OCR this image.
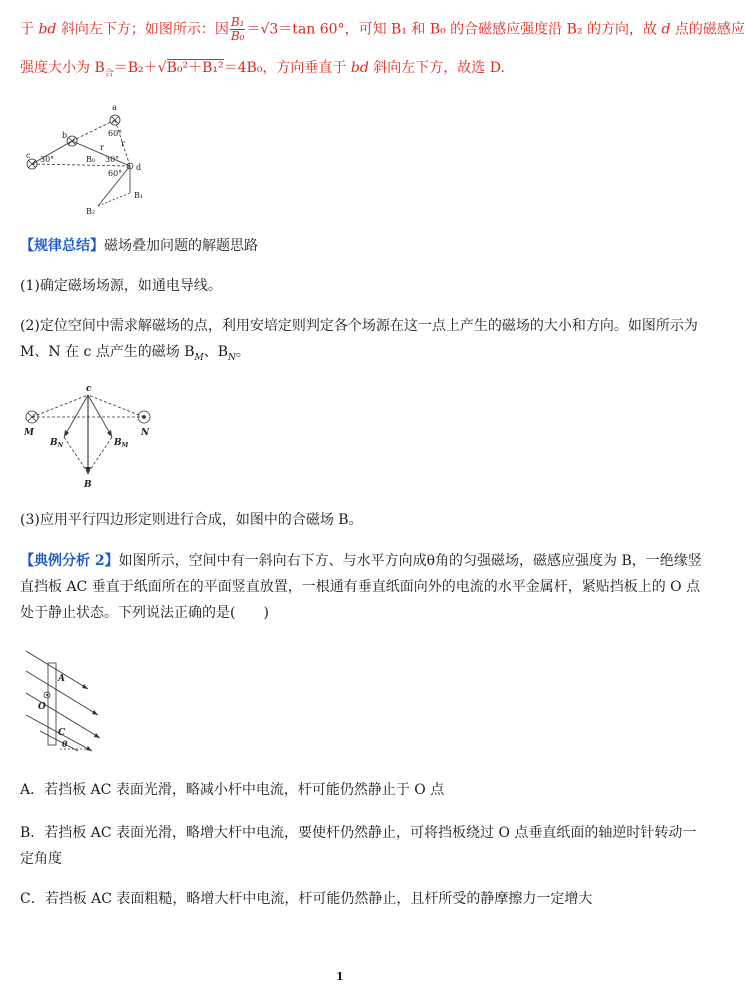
于 bd 斜向左下方；如图所示：因 $\frac{\text{B₁}}{\text{B₀}} =√3=\tan$ 60°，可知 B₁ 和 B₀ 的合磁感应强度沿 B₂ 的方向，故 d 点的磁感应
强度大小为 $B_合=B_2+√B_0^2+B_1^2=4B_0$，方向垂直于 bd 斜向左下方，故选 D.
a
b
c
d
r
r
60°
30°	30°
60°
B₀
B₁
B₂
【规律总结】磁场叠加问题的解题思路
(1)确定磁场场源，如通电导线。
(2)定位空间中需求解磁场的点，利用安培定则判定各个场源在这一点上产生的磁场的大小和方向。如图所示为
M、N 在 c 点产生的磁场 $B_M$、$B_N$。
c
M	N
$B_N$	$B_M$
B
(3)应用平行四边形定则进行合成，如图中的合磁场 B。
【典例分析 2】如图所示，空间中有一斜向右下方、与水平方向成θ角的匀强磁场，磁感应强度为 B，一绝缘竖
直挡板 AC 垂直于纸面所在的平面竖直放置，一根通有垂直纸面向外的电流的水平金属杆，紧贴挡板上的 O 点
处于静止状态。下列说法正确的是(　　)
A
O
C
θ
A．若挡板 AC 表面光滑，略减小杆中电流，杆可能仍然静止于 O 点
B．若挡板 AC 表面光滑，略增大杆中电流，要使杆仍然静止，可将挡板绕过 O 点垂直纸面的轴逆时针转动一
定角度
C．若挡板 AC 表面粗糙，略增大杆中电流，杆可能仍然静止，且杆所受的静摩擦力一定增大
1
